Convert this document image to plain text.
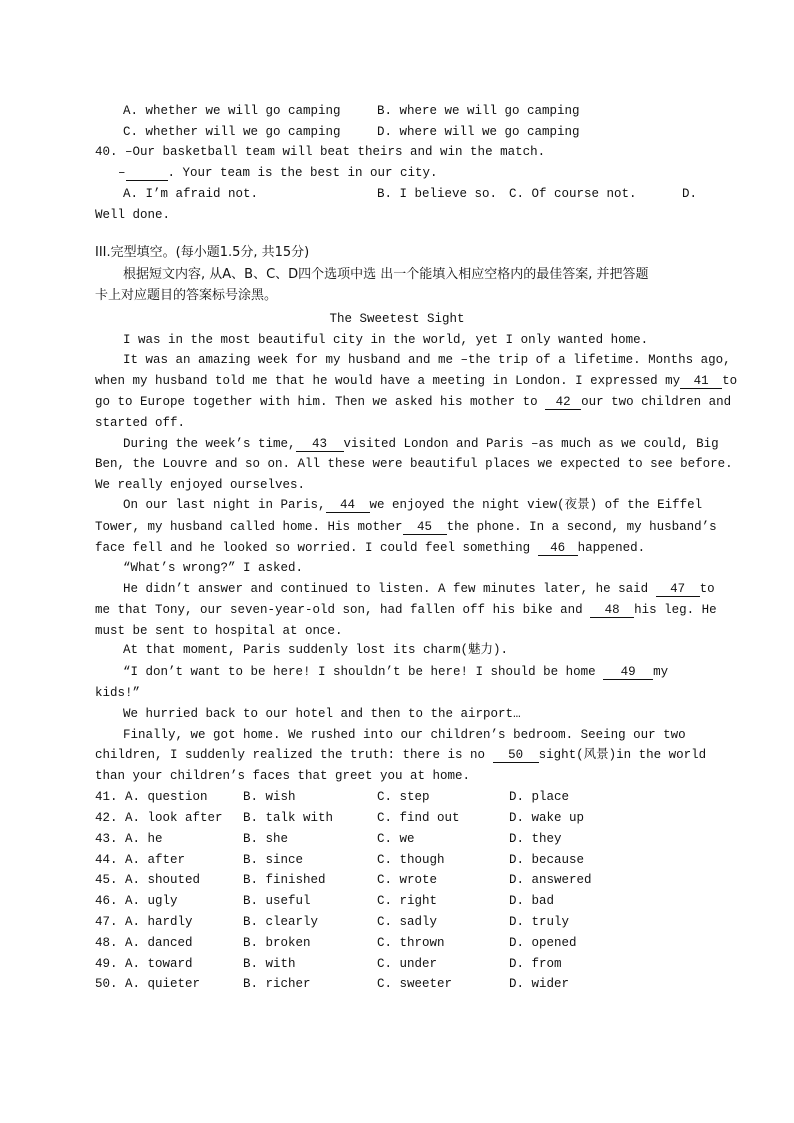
A. whether we will go camping	B. where we will go camping
C. whether will we go camping	D. where will we go camping
40. –Our basketball team will beat theirs and win the match.
–	. Your team is the best in our city.
A. I’m afraid not.	B. I believe so. C. Of course not.	D.
Well done.
III.完型填空。(每小题1.5分, 共15分)
根据短文内容, 从A、B、C、D四个选项中选 出一个能填入相应空格内的最佳答案, 并把答题
卡上对应题目的答案标号涂黑。
The Sweetest Sight
I was in the most beautiful city in the world, yet I only wanted home.
It was an amazing week for my husband and me –the trip of a lifetime. Months ago,
when my husband told me that he would have a meeting in London. I expressed my 41 to
go to Europe together with him. Then we asked his mother to 42 our two children and
started off.
During the week’s time, 43 visited London and Paris –as much as we could, Big
Ben, the Louvre and so on. All these were beautiful places we expected to see before.
We really enjoyed ourselves.
On our last night in Paris, 44 we enjoyed the night view(夜景) of the Eiffel
Tower, my husband called home. His mother 45 the phone. In a second, my husband’s
face fell and he looked so worried. I could feel something 46 happened.
“What’s wrong?” I asked.
He didn’t answer and continued to listen. A few minutes later, he said 47 to
me that Tony, our seven-year-old son, had fallen off his bike and 48 his leg. He
must be sent to hospital at once.
At that moment, Paris suddenly lost its charm(魅力).
“I don’t want to be here! I shouldn’t be here! I should be home 49 my
kids!”
We hurried back to our hotel and then to the airport…
Finally, we got home. We rushed into our children’s bedroom. Seeing our two
children, I suddenly realized the truth: there is no 50 sight(风景)in the world
than your children’s faces that greet you at home.
41. A. question	B. wish	C. step	D. place
42. A. look after B. talk with	C. find out	D. wake up
43. A. he	B. she	C. we	D. they
44. A. after	B. since	C. though	D. because
45. A. shouted	B. finished	C. wrote	D. answered
46. A. ugly	B. useful	C. right	D. bad
47. A. hardly	B. clearly	C. sadly	D. truly
48. A. danced	B. broken	C. thrown	D. opened
49. A. toward	B. with	C. under	D. from
50. A. quieter	B. richer	C. sweeter	D. wider
